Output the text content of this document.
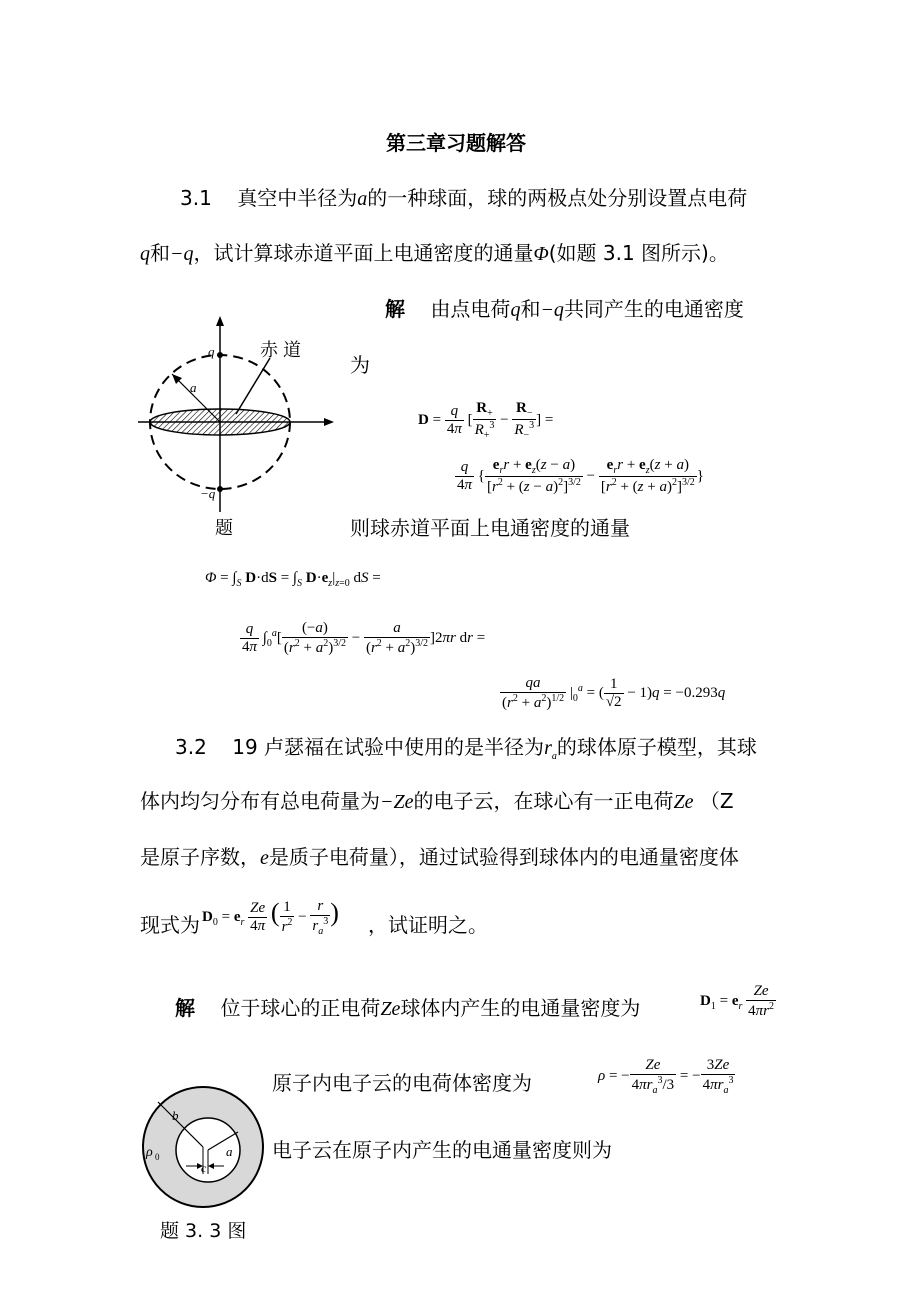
第三章习题解答
3.1 真空中半径为a的一种球面，球的两极点处分别设置点电荷
q和−q，试计算球赤道平面上电通密度的通量Φ(如题 3.1 图所示)。
q
−q
a
赤 道
题
解 由点电荷q和−q共同产生的电通密度
为
$D = \frac{q}{4\pi}$ [ $\frac{R_+}{R_+^3} - \frac{R_-}{R_-^3}$ ] =
$\frac{q}{4\pi}$ { $\frac{e_rr + e_z(z - a)}{[r^2 + (z - a)^2]^{3/2}} - \frac{e_rr + e_z(z + a)}{[r^2 + (z + a)^2]^{3/2}}$ }
则球赤道平面上电通密度的通量
$\Phi = \int_S$ $D\cdot dS = \int_S$ $D\cdot e_z|_{z=0}$ dS =
$\frac{q}{4\pi} \int_0^a[ \frac{(-a)}{(r^2 + a^2)^{3/2}} - \frac{a}{(r^2 + a^2)^{3/2}} ]2\pi r$ dr =
$\frac{qa}{(r^2 + a^2)^{1/2}} |_0^a$ = ( $\frac{1}{√2} - 1)q = -0.293q$
3.2 19 卢瑟福在试验中使用的是半径为$r_a$的球体原子模型，其球
体内均匀分布有总电荷量为−Ze的电子云，在球心有一正电荷Ze （Z
是原子序数，e是质子电荷量），通过试验得到球体内的电通量密度体
现式为 $D_0 = e_r \frac{Ze}{4\pi}$ ( $\frac{1}{r^2} - \frac{r}{r_a^3}$ ) ，试证明之。
解 位于球心的正电荷Ze球体内产生的电通量密度为	$D_1 = e_r \frac{Ze}{4\pi r^2}$
原子内电子云的电荷体密度为	ρ = − $\frac{Ze}{4\pi r_a^3/3}$ = − $\frac{3Ze}{4\pi r_a^3}$
电子云在原子内产生的电通量密度则为
b
a
c
ρ 0
题 3. 3 图
